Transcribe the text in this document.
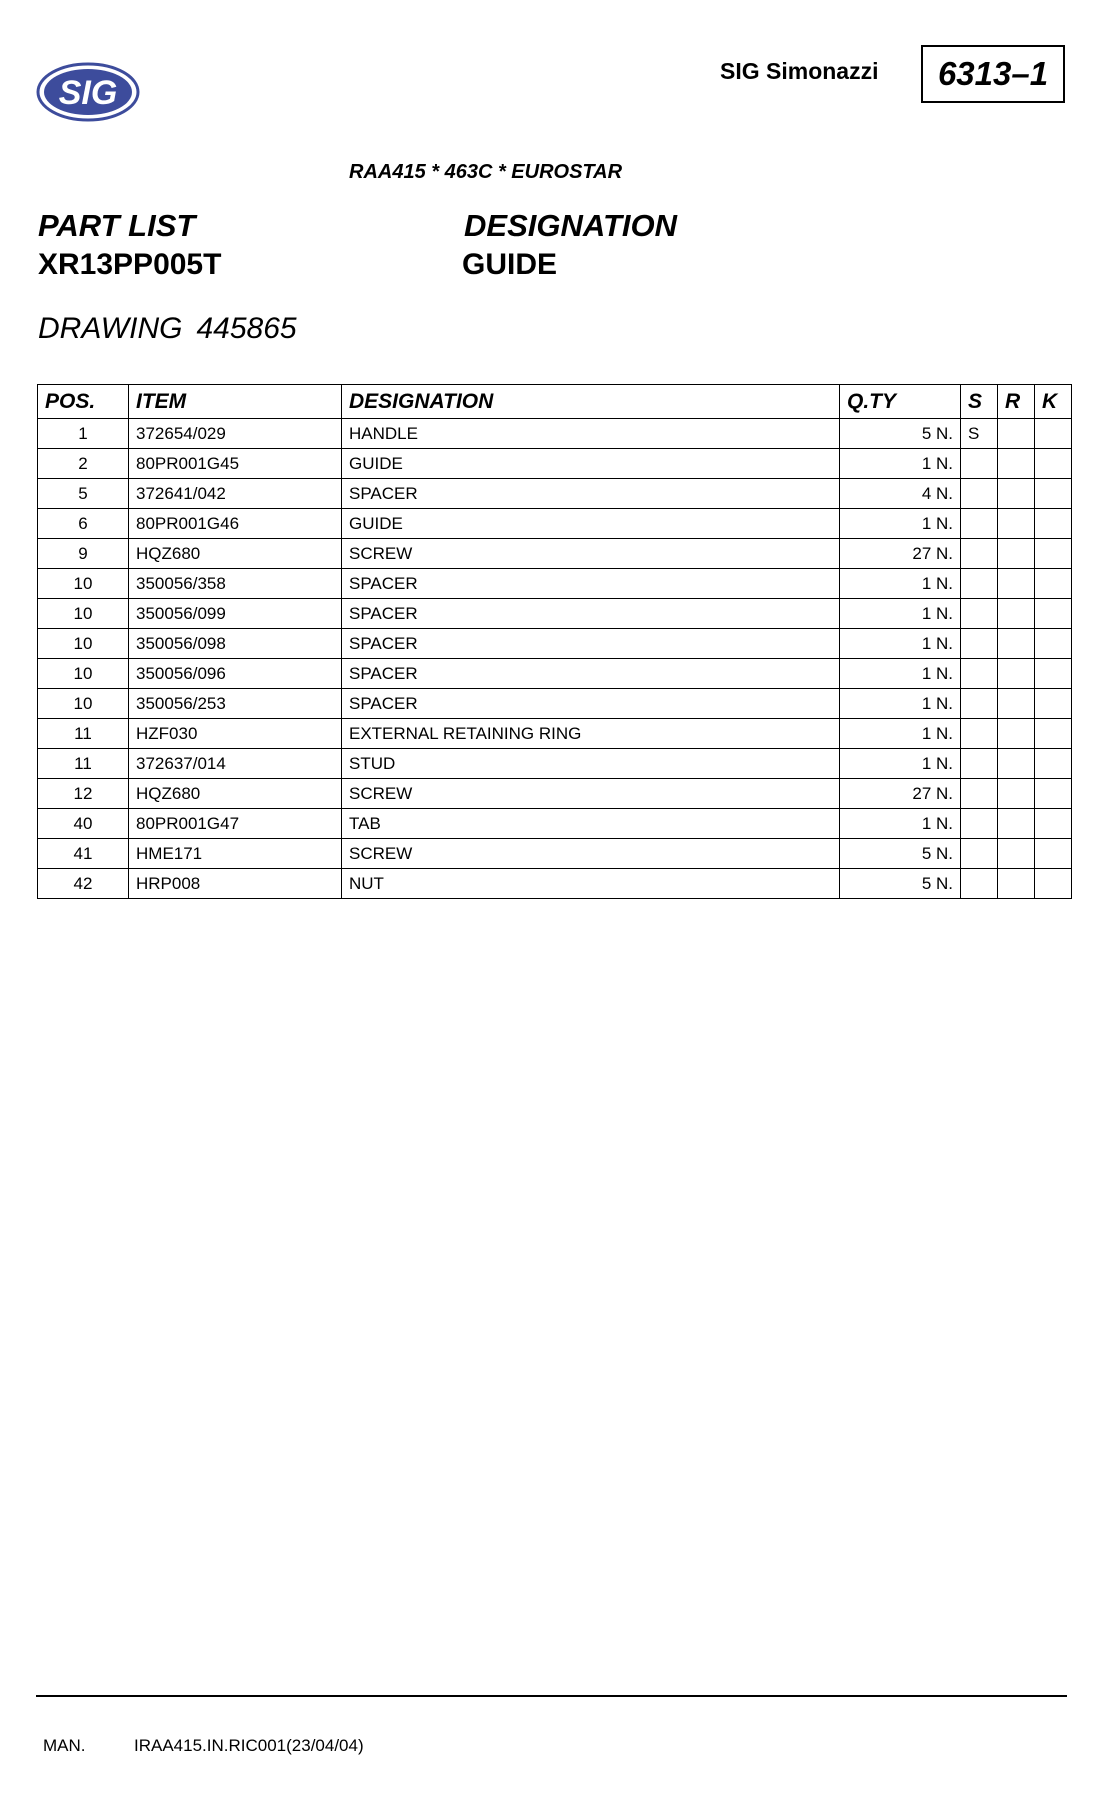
SIG
SIG Simonazzi	6313–1
RAA415 * 463C * EUROSTAR
PART LIST
XR13PP005T
DESIGNATION
GUIDE
DRAWING 445865
POS.	ITEM	DESIGNATION	Q.TY	S	R	K
1	372654/029	HANDLE	5 N.	S		
2	80PR001G45	GUIDE	1 N.			
5	372641/042	SPACER	4 N.			
6	80PR001G46	GUIDE	1 N.			
9	HQZ680	SCREW	27 N.			
10	350056/358	SPACER	1 N.			
10	350056/099	SPACER	1 N.			
10	350056/098	SPACER	1 N.			
10	350056/096	SPACER	1 N.			
10	350056/253	SPACER	1 N.			
11	HZF030	EXTERNAL RETAINING RING	1 N.			
11	372637/014	STUD	1 N.			
12	HQZ680	SCREW	27 N.			
40	80PR001G47	TAB	1 N.			
41	HME171	SCREW	5 N.			
42	HRP008	NUT	5 N.			
MAN.	IRAA415.IN.RIC001(23/04/04)
